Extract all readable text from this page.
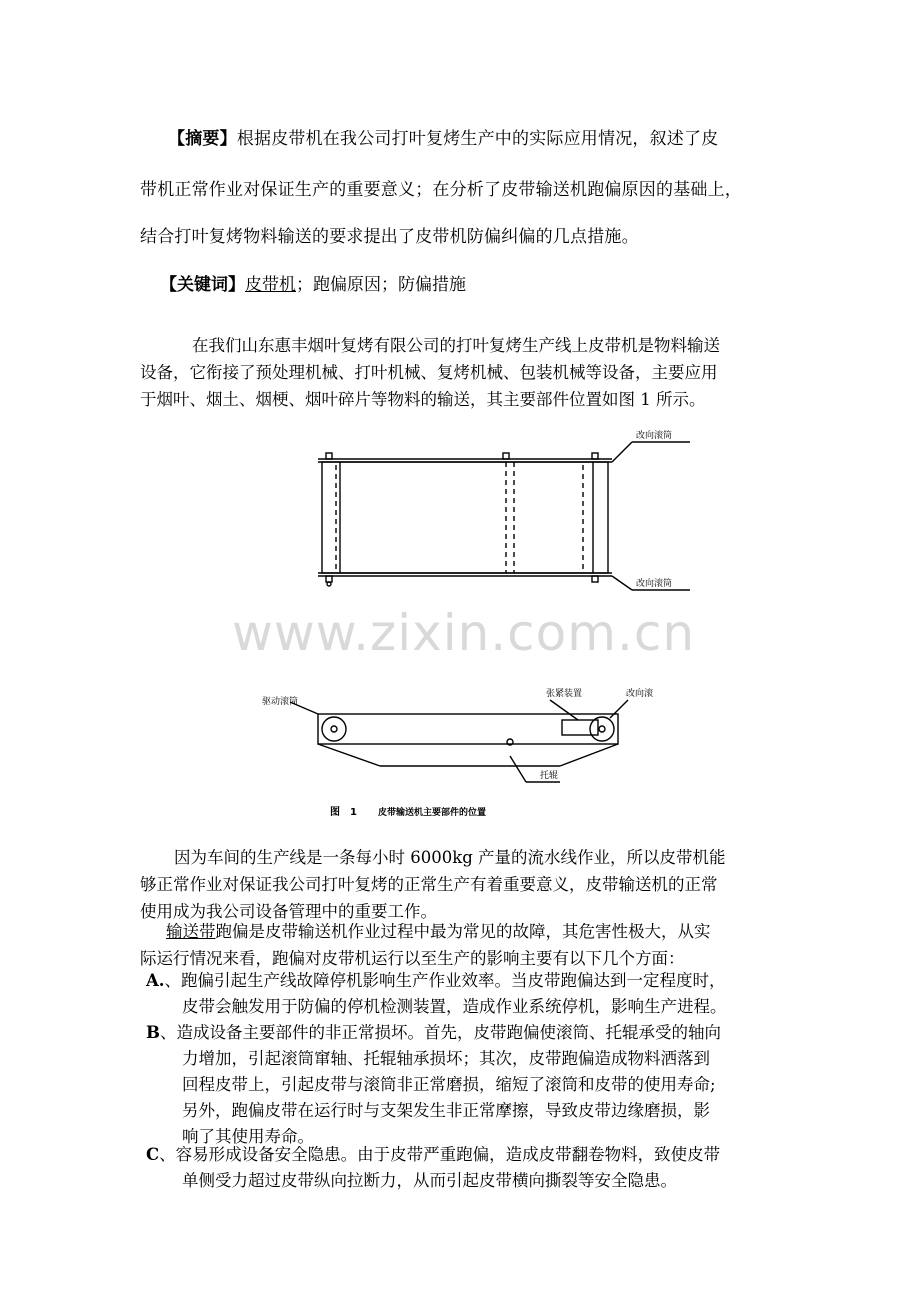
【摘要】根据皮带机在我公司打叶复烤生产中的实际应用情况，叙述了皮
带机正常作业对保证生产的重要意义；在分析了皮带输送机跑偏原因的基础上，
结合打叶复烤物料输送的要求提出了皮带机防偏纠偏的几点措施。
【关键词】皮带机；跑偏原因；防偏措施
在我们山东惠丰烟叶复烤有限公司的打叶复烤生产线上皮带机是物料输送
设备，它衔接了预处理机械、打叶机械、复烤机械、包装机械等设备，主要应用
于烟叶、烟土、烟梗、烟叶碎片等物料的输送，其主要部件位置如图 1 所示。
改向滚筒
改向滚筒
www.zixin.com.cn
驱动滚筒
张紧装置	改向滚
托辊
图　1 皮带输送机主要部件的位置
因为车间的生产线是一条每小时 6000kg 产量的流水线作业，所以皮带机能
够正常作业对保证我公司打叶复烤的正常生产有着重要意义，皮带输送机的正常
使用成为我公司设备管理中的重要工作。
输送带跑偏是皮带输送机作业过程中最为常见的故障，其危害性极大，从实
际运行情况来看，跑偏对皮带机运行以至生产的影响主要有以下几个方面：
A.、跑偏引起生产线故障停机影响生产作业效率。当皮带跑偏达到一定程度时，
皮带会触发用于防偏的停机检测装置，造成作业系统停机，影响生产进程。
B、造成设备主要部件的非正常损坏。首先，皮带跑偏使滚筒、托辊承受的轴向
力增加，引起滚筒窜轴、托辊轴承损坏；其次，皮带跑偏造成物料洒落到
回程皮带上，引起皮带与滚筒非正常磨损，缩短了滚筒和皮带的使用寿命;
另外，跑偏皮带在运行时与支架发生非正常摩擦，导致皮带边缘磨损，影
响了其使用寿命。
C、容易形成设备安全隐患。由于皮带严重跑偏，造成皮带翻卷物料，致使皮带
单侧受力超过皮带纵向拉断力，从而引起皮带横向撕裂等安全隐患。
